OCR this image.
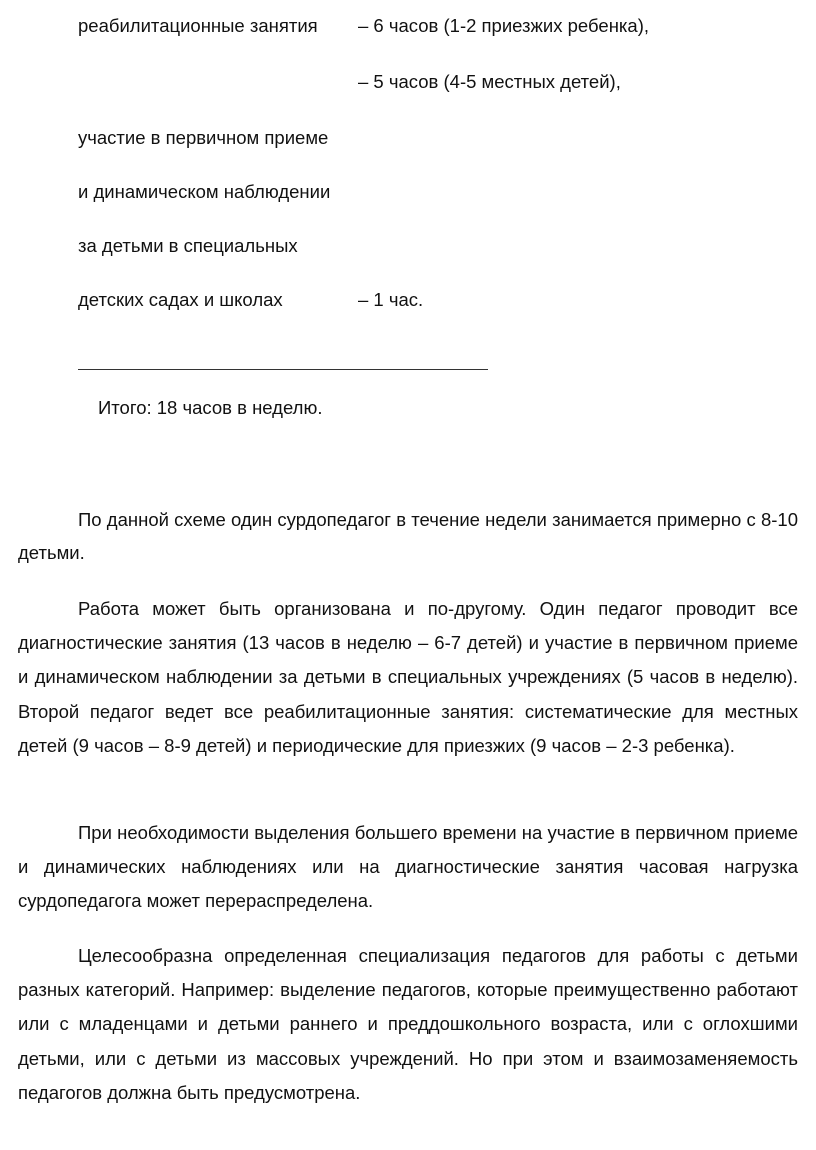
реабилитационные занятия – 6 часов (1-2 приезжих ребенка),
– 5 часов (4-5 местных детей),
участие в первичном приеме
и динамическом наблюдении
за детьми в специальных
детских садах и школах	– 1 час.
Итого: 18 часов в неделю.

По данной схеме один сурдопедагог в течение недели занимается примерно с 8-10 детьми.

Работа может быть организована и по-другому. Один педагог проводит все диагностические занятия (13 часов в неделю – 6-7 детей) и участие в первичном приеме и динамическом наблюдении за детьми в специальных учреждениях (5 часов в неделю). Второй педагог ведет все реабилитационные занятия: систематические для местных детей (9 часов – 8-9 детей) и периодические для приезжих (9 часов – 2-3 ребенка).

При необходимости выделения большего времени на участие в первичном приеме и динамических наблюдениях или на диагностические занятия часовая нагрузка сурдопедагога может перераспределена.

Целесообразна определенная специализация педагогов для работы с детьми разных категорий. Например: выделение педагогов, которые преимущественно работают или с младенцами и детьми раннего и преддошкольного возраста, или с оглохшими детьми, или с детьми из массовых учреждений. Но при этом и взаимозаменяемость педагогов должна быть предусмотрена.
